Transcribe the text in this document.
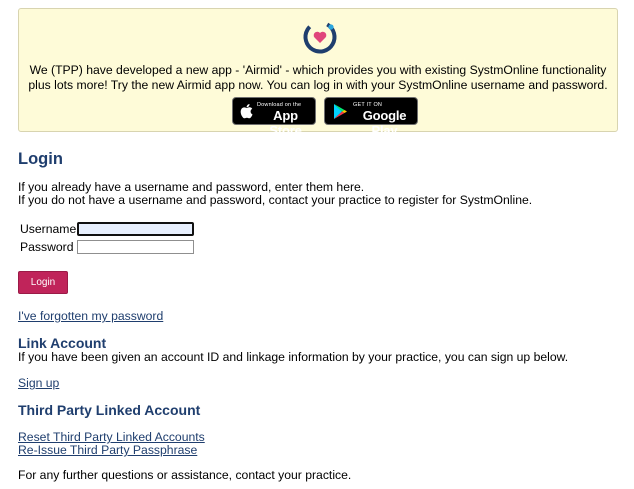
We (TPP) have developed a new app - 'Airmid' - which provides you with existing SystmOnline functionality plus lots more! Try the new Airmid app now. You can log in with your SystmOnline username and password.
Download on the
App Store
GET IT ON
Google Play
Login
If you already have a username and password, enter them here.
If you do not have a username and password, contact your practice to register for SystmOnline.
Username
Password
Login
I've forgotten my password
Link Account
If you have been given an account ID and linkage information by your practice, you can sign up below.
Sign up
Third Party Linked Account
Reset Third Party Linked Accounts
Re-Issue Third Party Passphrase
For any further questions or assistance, contact your practice.
